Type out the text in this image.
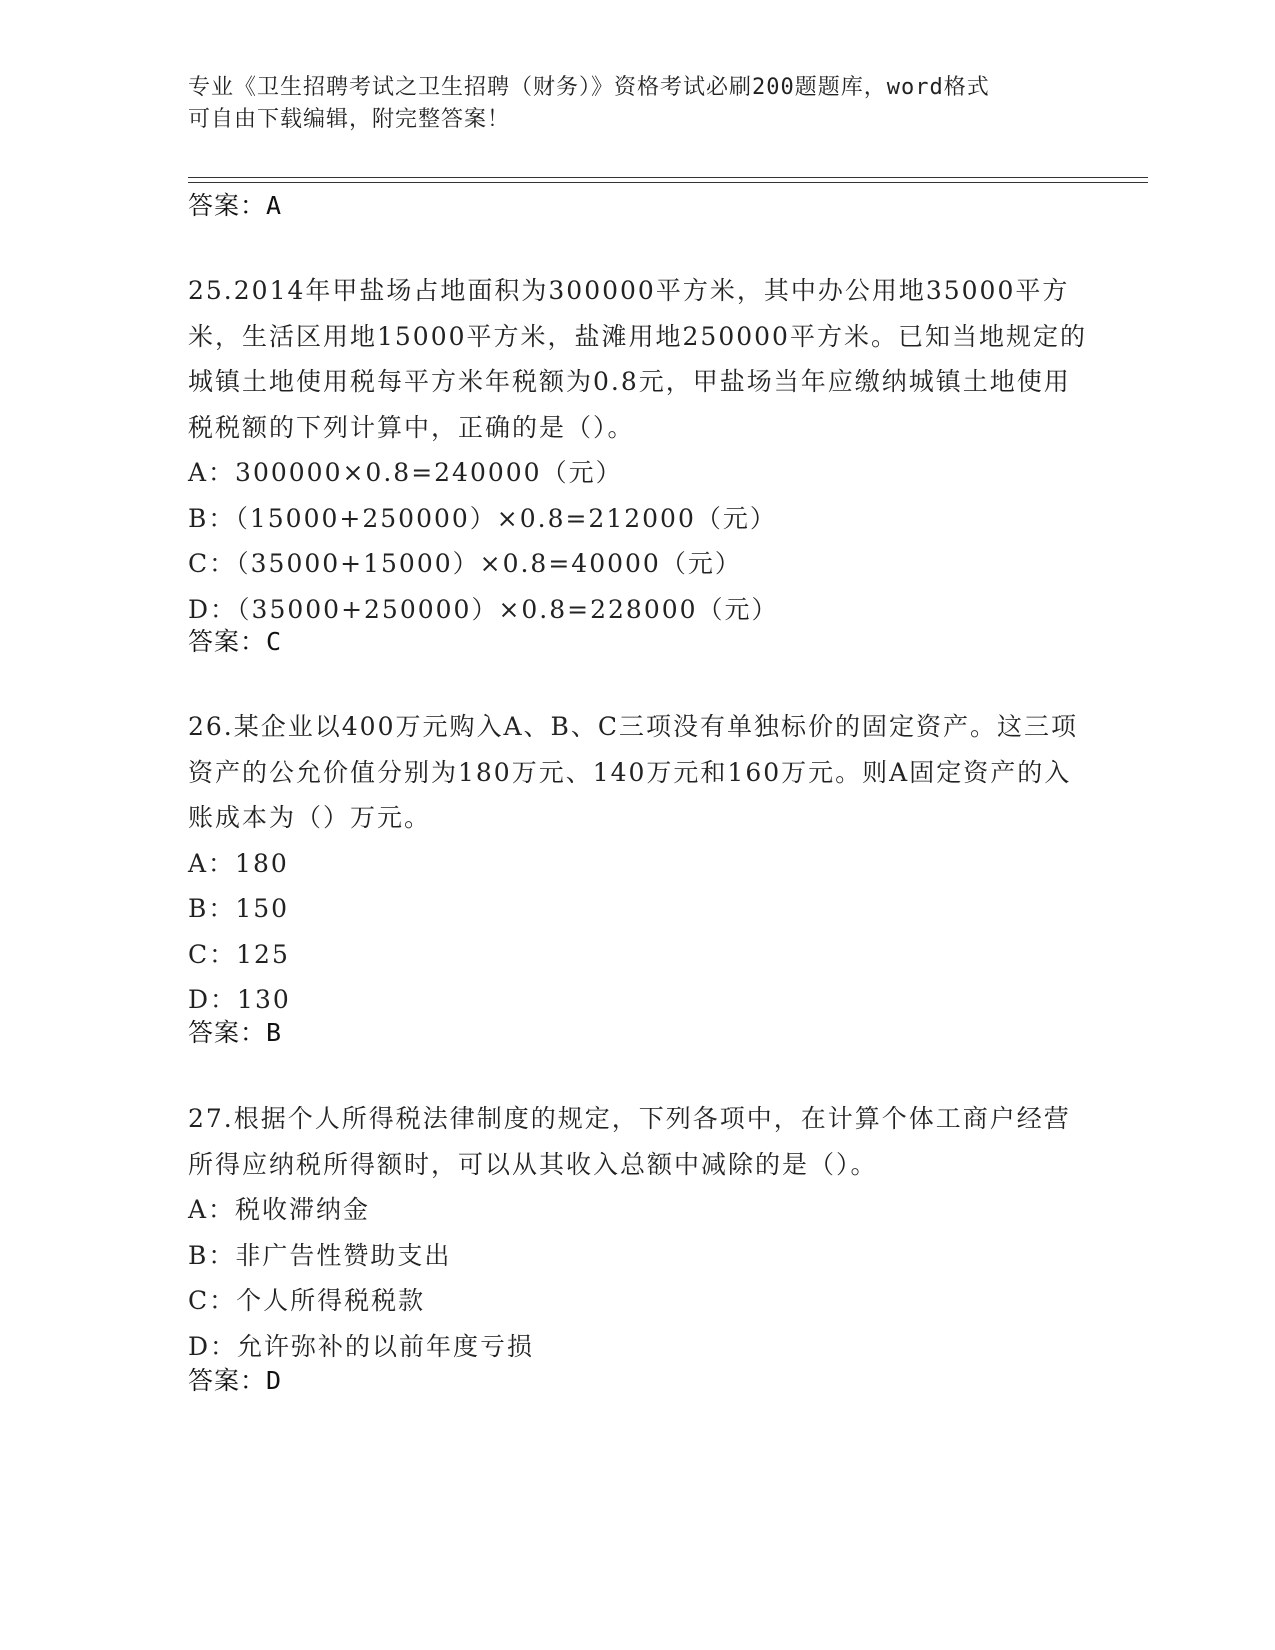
专业《卫生招聘考试之卫生招聘（财务）》资格考试必刷200题题库，word格式
可自由下载编辑，附完整答案！
答案：A

25.2014年甲盐场占地面积为300000平方米，其中办公用地35000平方米，生活区用地15000平方米，盐滩用地250000平方米。已知当地规定的城镇土地使用税每平方米年税额为0.8元，甲盐场当年应缴纳城镇土地使用税税额的下列计算中，正确的是（）。

A：300000×0.8=240000（元）

B：（15000+250000）×0.8=212000（元）

C：（35000+15000）×0.8=40000（元）

D：（35000+250000）×0.8=228000（元）

答案：C

26.某企业以400万元购入A、B、C三项没有单独标价的固定资产。这三项资产的公允价值分别为180万元、140万元和160万元。则A固定资产的入账成本为（）万元。

A：180

B：150

C：125

D：130

答案：B

27.根据个人所得税法律制度的规定，下列各项中，在计算个体工商户经营所得应纳税所得额时，可以从其收入总额中减除的是（）。

A：税收滞纳金

B：非广告性赞助支出

C：个人所得税税款

D：允许弥补的以前年度亏损

答案：D
